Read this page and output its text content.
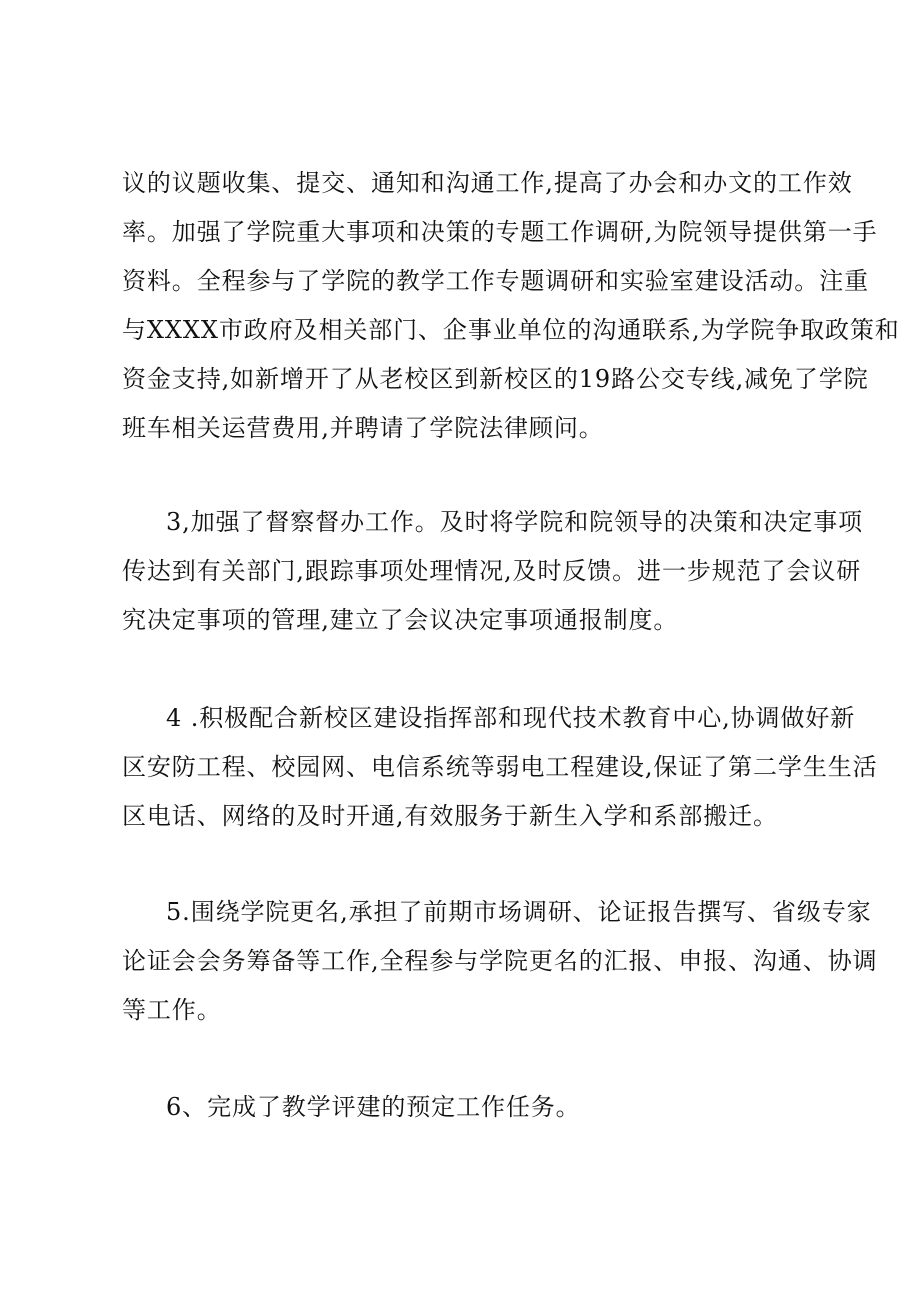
议的议题收集、提交、通知和沟通工作,提高了办会和办文的工作效

率。加强了学院重大事项和决策的专题工作调研,为院领导提供第一手

资料。全程参与了学院的教学工作专题调研和实验室建设活动。注重

与XXXX市政府及相关部门、企事业单位的沟通联系,为学院争取政策和

资金支持,如新增开了从老校区到新校区的19路公交专线,减免了学院

班车相关运营费用,并聘请了学院法律顾问。

3,加强了督察督办工作。及时将学院和院领导的决策和决定事项

传达到有关部门,跟踪事项处理情况,及时反馈。进一步规范了会议研

究决定事项的管理,建立了会议决定事项通报制度。

4 .积极配合新校区建设指挥部和现代技术教育中心,协调做好新

区安防工程、校园网、电信系统等弱电工程建设,保证了第二学生生活

区电话、网络的及时开通,有效服务于新生入学和系部搬迁。

5.围绕学院更名,承担了前期市场调研、论证报告撰写、省级专家

论证会会务筹备等工作,全程参与学院更名的汇报、申报、沟通、协调

等工作。

6、完成了教学评建的预定工作任务。
